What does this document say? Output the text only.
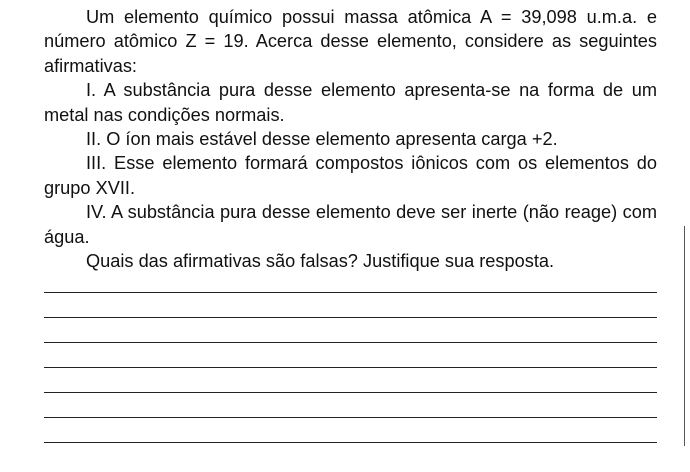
Um elemento químico possui massa atômica A = 39,098 u.m.a. e número atômico Z = 19. Acerca desse elemento, considere as seguintes afirmativas:

I. A substância pura desse elemento apresenta-se na forma de um metal nas condições normais.

II. O íon mais estável desse elemento apresenta carga +2.

III. Esse elemento formará compostos iônicos com os elementos do grupo XVII.

IV. A substância pura desse elemento deve ser inerte (não reage) com água.

Quais das afirmativas são falsas? Justifique sua resposta.
